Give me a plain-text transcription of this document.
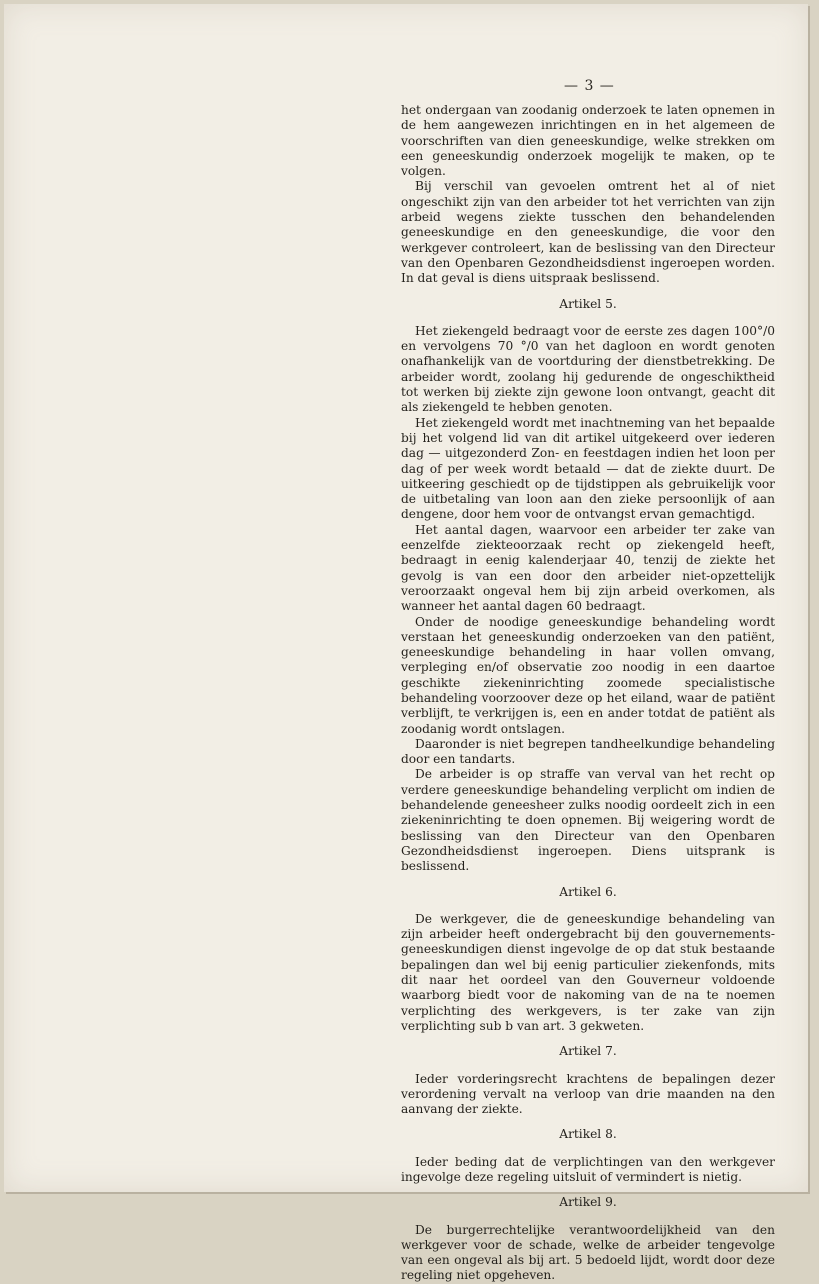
— 3 —

het ondergaan van zoodanig onderzoek te laten opnemen in de hem aangewezen inrichtingen en in het algemeen de voorschriften van dien geneeskundige, welke strekken om een geneeskundig onderzoek mogelijk te maken, op te volgen.

Bij verschil van gevoelen omtrent het al of niet ongeschikt zijn van den arbeider tot het verrichten van zijn arbeid wegens ziekte tusschen den behandelenden geneeskundige en den geneeskundige, die voor den werkgever controleert, kan de beslissing van den Directeur van den Openbaren Gezondheidsdienst ingeroepen worden. In dat geval is diens uitspraak beslissend.

Artikel 5.

Het ziekengeld bedraagt voor de eerste zes dagen 100°/0 en vervolgens 70 °/0 van het dagloon en wordt genoten onafhankelijk van de voortduring der dienstbetrekking. De arbeider wordt, zoolang hij gedurende de ongeschiktheid tot werken bij ziekte zijn gewone loon ontvangt, geacht dit als ziekengeld te hebben genoten.

Het ziekengeld wordt met inachtneming van het bepaalde bij het volgend lid van dit artikel uitgekeerd over iederen dag — uitgezonderd Zon- en feestdagen indien het loon per dag of per week wordt betaald — dat de ziekte duurt. De uitkeering geschiedt op de tijdstippen als gebruikelijk voor de uitbetaling van loon aan den zieke persoonlijk of aan dengene, door hem voor de ontvangst ervan gemachtigd.

Het aantal dagen, waarvoor een arbeider ter zake van eenzelfde ziekteoorzaak recht op ziekengeld heeft, bedraagt in eenig kalenderjaar 40, tenzij de ziekte het gevolg is van een door den arbeider niet-opzettelijk veroorzaakt ongeval hem bij zijn arbeid overkomen, als wanneer het aantal dagen 60 bedraagt.

Onder de noodige geneeskundige behandeling wordt verstaan het geneeskundig onderzoeken van den patiënt, geneeskundige behandeling in haar vollen omvang, verpleging en/of observatie zoo noodig in een daartoe geschikte ziekeninrichting zoomede specialistische behandeling voorzoover deze op het eiland, waar de patiënt verblijft, te verkrijgen is, een en ander totdat de patiënt als zoodanig wordt ontslagen.

Daaronder is niet begrepen tandheelkundige behandeling door een tandarts.

De arbeider is op straffe van verval van het recht op verdere geneeskundige behandeling verplicht om indien de behandelende geneesheer zulks noodig oordeelt zich in een ziekeninrichting te doen opnemen. Bij weigering wordt de beslissing van den Directeur van den Openbaren Gezondheidsdienst ingeroepen. Diens uitsprank is beslissend.

Artikel 6.

De werkgever, die de geneeskundige behandeling van zijn arbeider heeft ondergebracht bij den gouvernements-geneeskundigen dienst ingevolge de op dat stuk bestaande bepalingen dan wel bij eenig particulier ziekenfonds, mits dit naar het oordeel van den Gouverneur voldoende waarborg biedt voor de nakoming van de na te noemen verplichting des werkgevers, is ter zake van zijn verplichting sub b van art. 3 gekweten.

Artikel 7.

Ieder vorderingsrecht krachtens de bepalingen dezer verordening vervalt na verloop van drie maanden na den aanvang der ziekte.

Artikel 8.

Ieder beding dat de verplichtingen van den werkgever ingevolge deze regeling uitsluit of vermindert is nietig.

Artikel 9.

De burgerrechtelijke verantwoordelijkheid van den werkgever voor de schade, welke de arbeider tengevolge van een ongeval als bij art. 5 bedoeld lijdt, wordt door deze regeling niet opgeheven.
